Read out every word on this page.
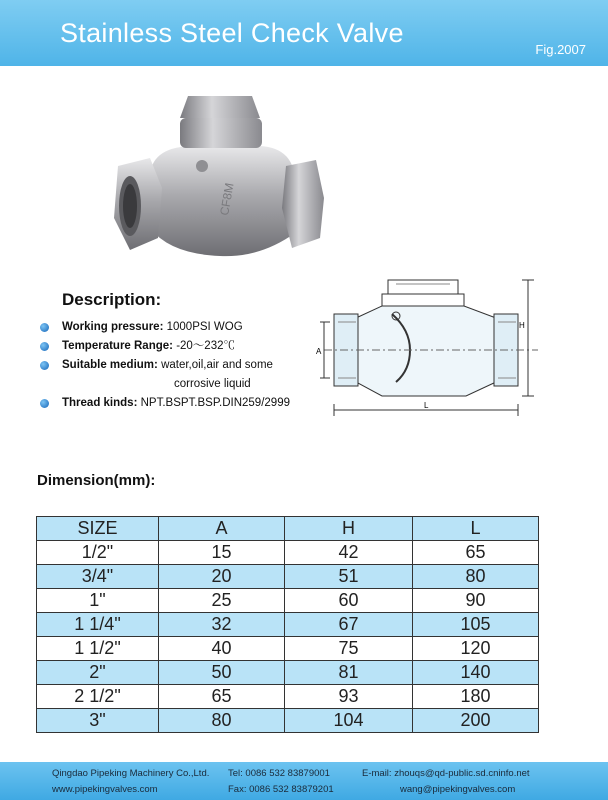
Stainless Steel Check Valve
Fig.2007
CF8M
Description:
Working pressure: 1000PSI WOG
Temperature Range: -20～232℃
Suitable medium: water,oil,air and some
corrosive liquid
Thread kinds: NPT.BSPT.BSP.DIN259/2999
H
A
L
Dimension(mm):
SIZE	A	H	L
1/2"	15	42	65
3/4"	20	51	80
1"	25	60	90
1 1/4"	32	67	105
1 1/2"	40	75	120
2"	50	81	140
2 1/2"	65	93	180
3"	80	104	200
Qingdao Pipeking Machinery Co.,Ltd. Tel: 0086 532 83879001	E-mail: zhouqs@qd-public.sd.cninfo.net
www.pipekingvalves.com	Fax: 0086 532 83879201	wang@pipekingvalves.com
